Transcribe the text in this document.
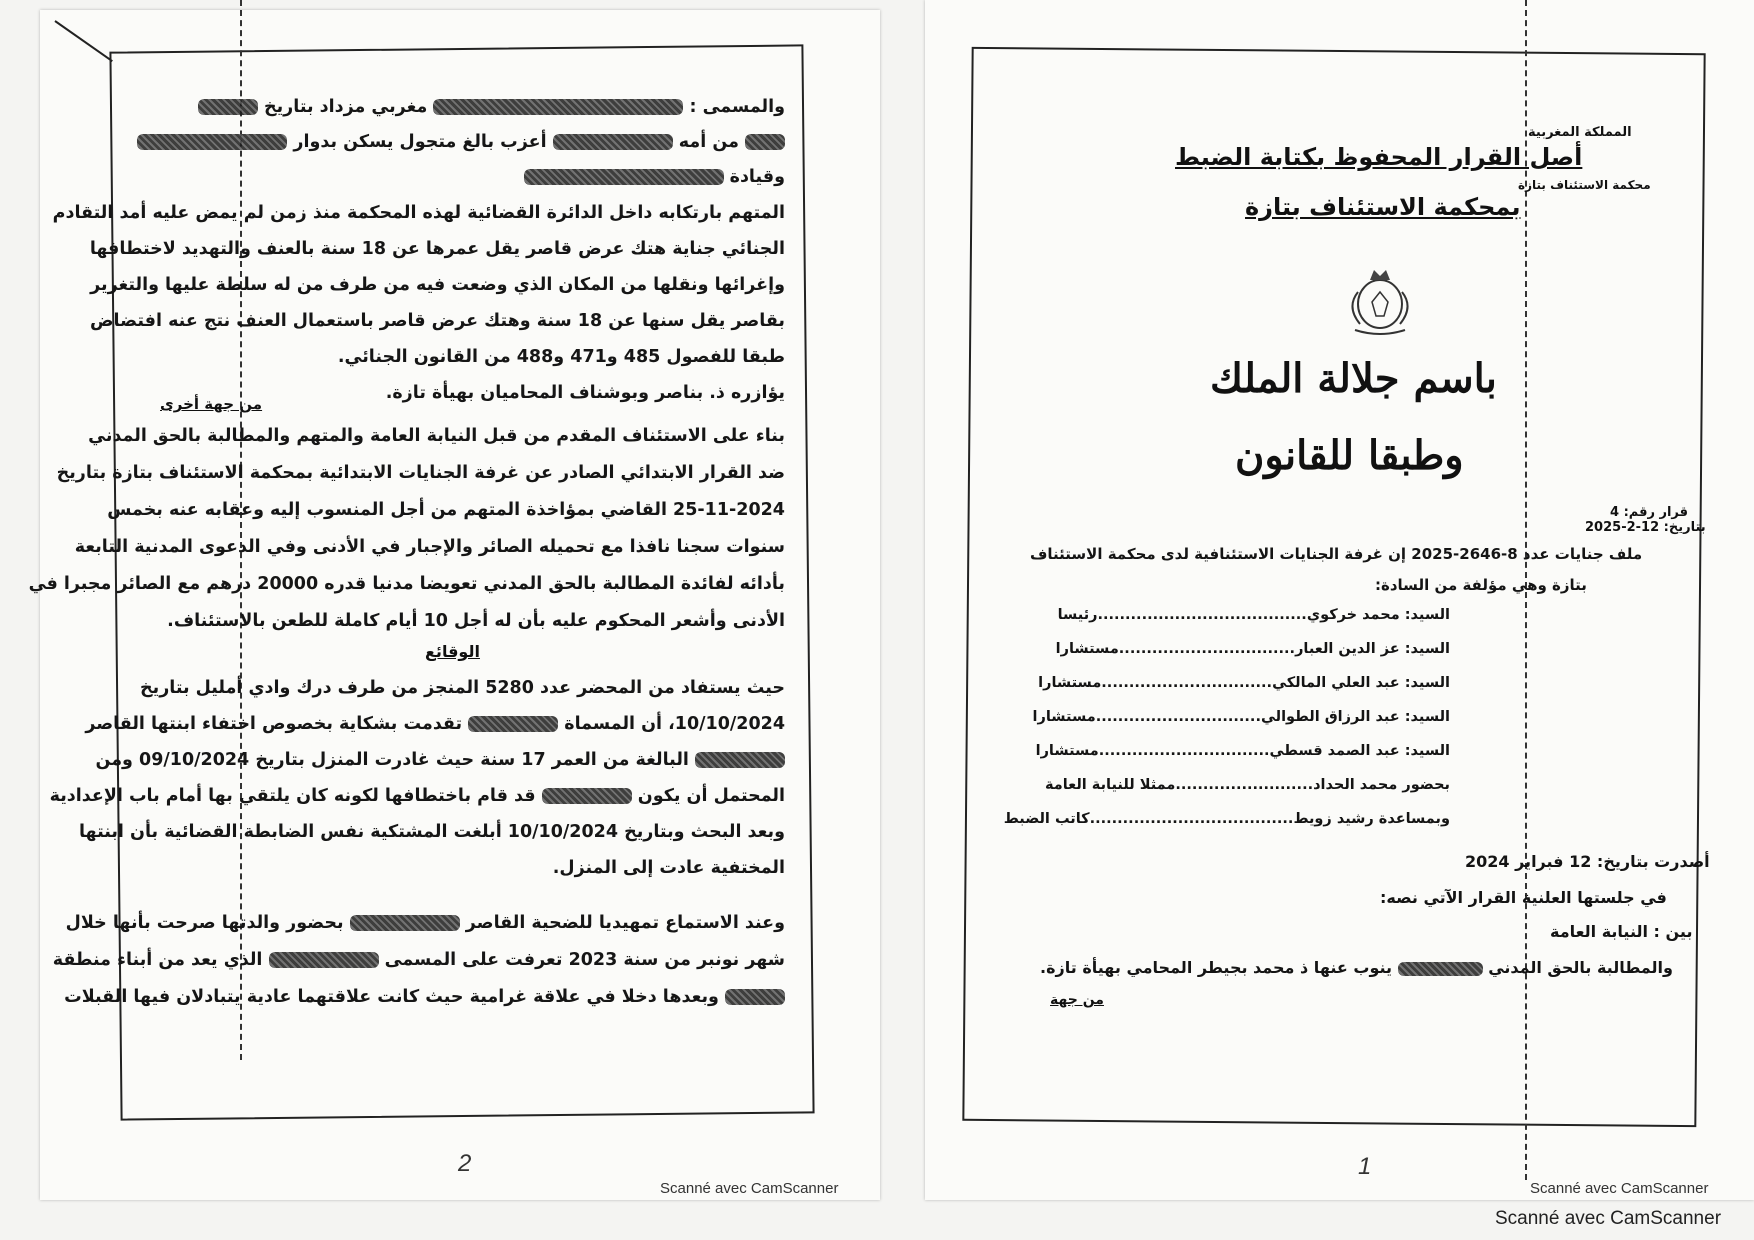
والمسمى :  مغربي مزداد بتاريخ
من أمه  أعزب بالغ متجول يسكن بدوار
وقيادة
المتهم بارتكابه داخل الدائرة القضائية لهذه المحكمة منذ زمن لم يمض عليه أمد التقادم
الجنائي جناية هتك عرض قاصر يقل عمرها عن 18 سنة بالعنف والتهديد لاختطافها
وإغرائها ونقلها من المكان الذي وضعت فيه من طرف من له سلطة عليها والتغرير
بقاصر يقل سنها عن 18 سنة وهتك عرض قاصر باستعمال العنف نتج عنه افتضاض
طبقا للفصول 485 و471 و488 من القانون الجنائي.
يؤازره ذ. بناصر وبوشناف المحاميان بهيأة تازة.
من جهة أخرى
بناء على الاستئناف المقدم من قبل النيابة العامة والمتهم والمطالبة بالحق المدني
ضد القرار الابتدائي الصادر عن غرفة الجنايات الابتدائية بمحكمة الاستئناف بتازة بتاريخ
25-11-2024 القاضي بمؤاخذة المتهم من أجل المنسوب إليه وعقابه عنه بخمس
سنوات سجنا نافذا مع تحميله الصائر والإجبار في الأدنى وفي الدعوى المدنية التابعة
بأدائه لفائدة المطالبة بالحق المدني تعويضا مدنيا قدره 20000 درهم مع الصائر مجبرا في
الأدنى وأشعر المحكوم عليه بأن له أجل 10 أيام كاملة للطعن بالاستئناف.
الوقائع
حيث يستفاد من المحضر عدد 5280 المنجز من طرف درك وادي أمليل بتاريخ
10/10/2024، أن المسماة  تقدمت بشكاية بخصوص اختفاء ابنتها القاصر
البالغة من العمر 17 سنة حيث غادرت المنزل بتاريخ 09/10/2024 ومن
المحتمل أن يكون  قد قام باختطافها لكونه كان يلتقي بها أمام باب الإعدادية
وبعد البحث وبتاريخ 10/10/2024 أبلغت المشتكية نفس الضابطة القضائية بأن ابنتها
المختفية عادت إلى المنزل.
وعند الاستماع تمهيديا للضحية القاصر  بحضور والدتها صرحت بأنها خلال
شهر نونبر من سنة 2023 تعرفت على المسمى  الذي يعد من أبناء منطقة
وبعدها دخلا في علاقة غرامية حيث كانت علاقتهما عادية يتبادلان فيها القبلات
2
Scanné avec CamScanner
المملكة المغربية
محكمة الاستئناف بتازة
أصل القرار المحفوظ بكتابة الضبط
بمحكمة الاستئناف بتازة
باسم جلالة الملك
وطبقا للقانون
قرار رقم: 4
بتاريخ: 12-2-2025
ملف جنايات عدد 8-2646-2025 إن غرفة الجنايات الاستئنافية لدى محكمة الاستئناف
بتازة وهي مؤلفة من السادة:
السيد: محمد خركوي......................................رئيسا
السيد: عز الدين العبار................................مستشارا
السيد: عبد العلي المالكي...............................مستشارا
السيد: عبد الرزاق الطوالي..............................مستشارا
السيد: عبد الصمد قسطي...............................مستشارا
بحضور محمد الحداد.........................ممثلا للنيابة العامة
وبمساعدة رشيد زويط.....................................كاتب الضبط
أصدرت بتاريخ: 12 فبراير 2024
في جلستها العلنية القرار الآتي نصه:
بين : النيابة العامة
والمطالبة بالحق المدني  ينوب عنها ذ محمد بجيطر المحامي بهيأة تازة.
من جهة
1
Scanné avec CamScanner
Scanné avec CamScanner
